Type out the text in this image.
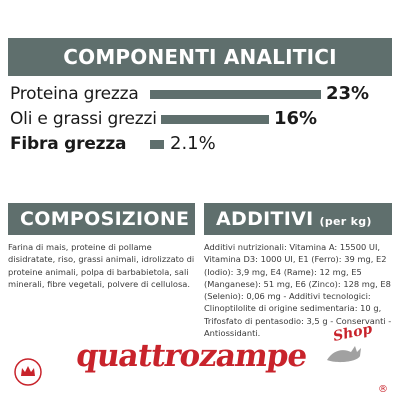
COMPONENTI ANALITICI
Proteina grezza	23%
Oli e grassi grezzi	16%
Fibra grezza 2.1%
COMPOSIZIONE
Farina di mais, proteine di pollame disidratate, riso, grassi animali, idrolizzato di proteine animali, polpa di barbabietola, sali minerali, fibre vegetali, polvere di cellulosa.
ADDITIVI (per kg)
Additivi nutrizionali: Vitamina A: 15500 UI, Vitamina D3: 1000 UI, E1 (Ferro): 39 mg, E2 (Iodio): 3,9 mg, E4 (Rame): 12 mg, E5 (Manganese): 51 mg, E6 (Zinco): 128 mg, E8 (Selenio): 0,06 mg - Additivi tecnologici: Clinoptilolite di origine sedimentaria: 10 g, Trifosfato di pentasodio: 3,5 g - Conservanti - Antiossidanti.
quattrozampe
Shop
®
